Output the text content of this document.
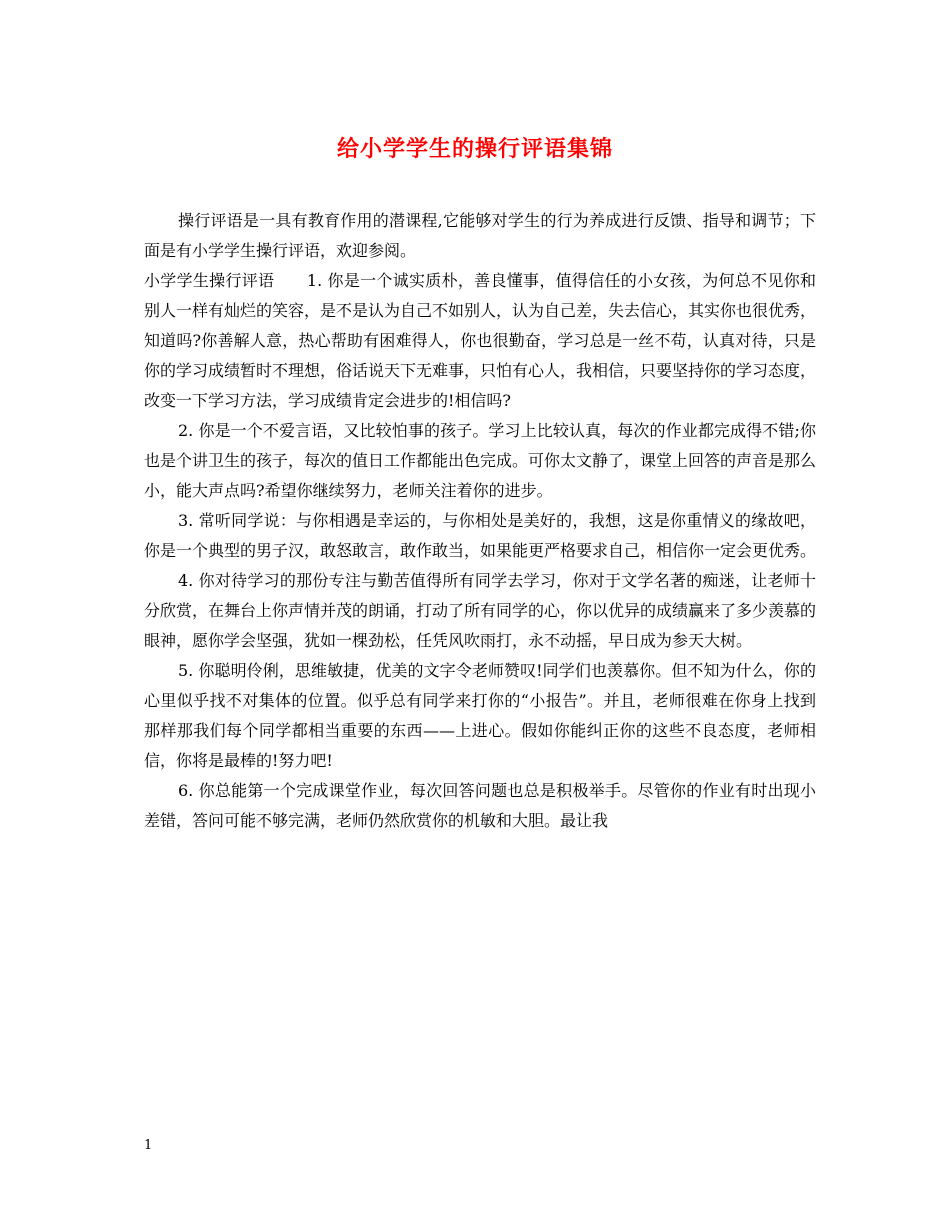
给小学学生的操行评语集锦

操行评语是一具有教育作用的潜课程,它能够对学生的行为养成进行反馈、指导和调节；下面是有小学学生操行评语，欢迎参阅。

小学学生操行评语　　1. 你是一个诚实质朴，善良懂事，值得信任的小女孩，为何总不见你和别人一样有灿烂的笑容，是不是认为自己不如别人，认为自己差，失去信心，其实你也很优秀，知道吗?你善解人意，热心帮助有困难得人，你也很勤奋，学习总是一丝不苟，认真对待，只是你的学习成绩暂时不理想，俗话说天下无难事，只怕有心人，我相信，只要坚持你的学习态度，改变一下学习方法，学习成绩肯定会进步的!相信吗?

2. 你是一个不爱言语，又比较怕事的孩子。学习上比较认真，每次的作业都完成得不错;你也是个讲卫生的孩子，每次的值日工作都能出色完成。可你太文静了，课堂上回答的声音是那么小，能大声点吗?希望你继续努力，老师关注着你的进步。

3. 常听同学说：与你相遇是幸运的，与你相处是美好的，我想，这是你重情义的缘故吧，你是一个典型的男子汉，敢怒敢言，敢作敢当，如果能更严格要求自己，相信你一定会更优秀。

4. 你对待学习的那份专注与勤苦值得所有同学去学习，你对于文学名著的痴迷，让老师十分欣赏，在舞台上你声情并茂的朗诵，打动了所有同学的心，你以优异的成绩赢来了多少羡慕的眼神，愿你学会坚强，犹如一棵劲松，任凭风吹雨打，永不动摇，早日成为参天大树。

5. 你聪明伶俐，思维敏捷，优美的文字令老师赞叹!同学们也羡慕你。但不知为什么，你的心里似乎找不对集体的位置。似乎总有同学来打你的“小报告”。并且，老师很难在你身上找到那样那我们每个同学都相当重要的东西——上进心。假如你能纠正你的这些不良态度，老师相信，你将是最棒的!努力吧!

6. 你总能第一个完成课堂作业，每次回答问题也总是积极举手。尽管你的作业有时出现小差错，答问可能不够完满，老师仍然欣赏你的机敏和大胆。最让我

1
